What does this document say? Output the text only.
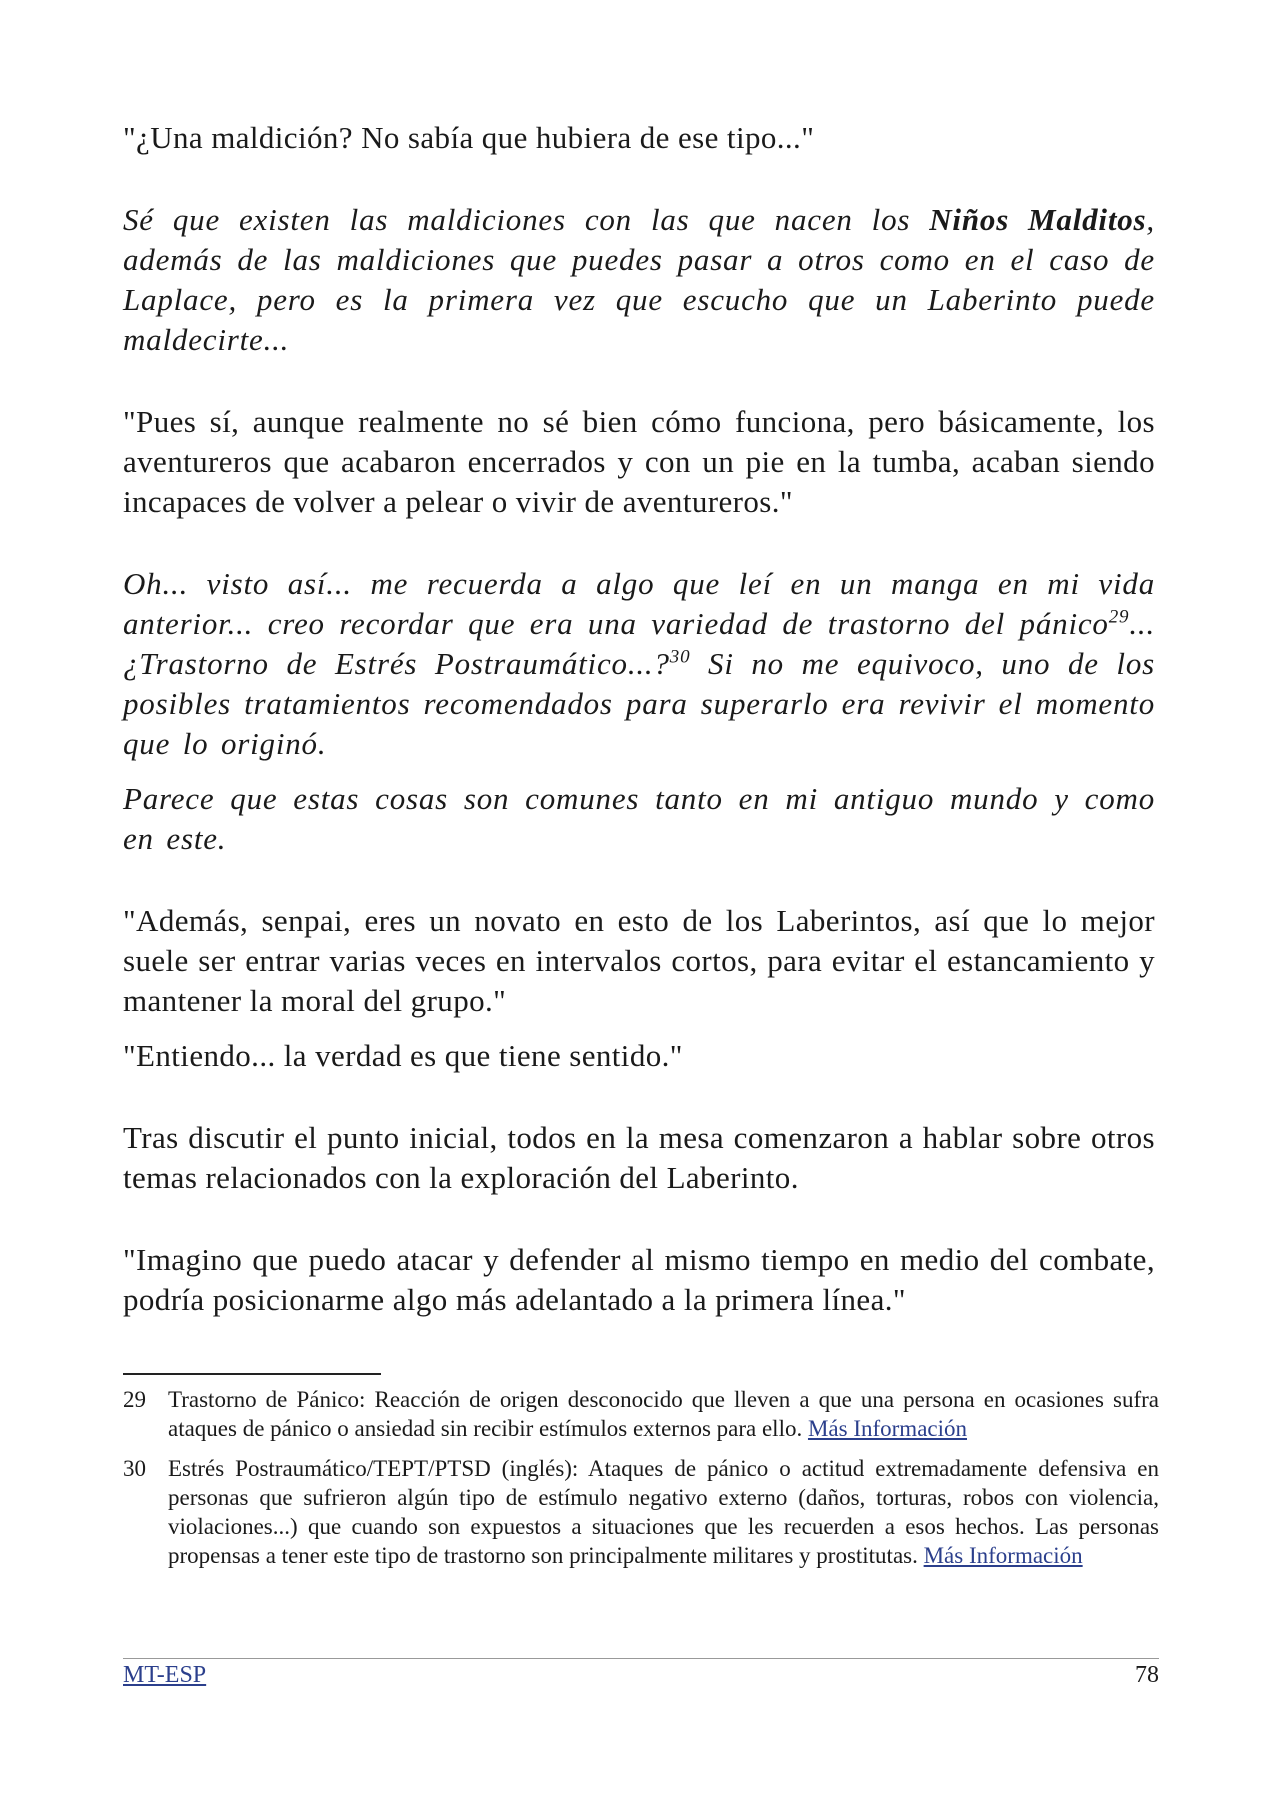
"¿Una maldición? No sabía que hubiera de ese tipo..."

Sé que existen las maldiciones con las que nacen los Niños Malditos, además de las maldiciones que puedes pasar a otros como en el caso de Laplace, pero es la primera vez que escucho que un Laberinto puede maldecirte...

"Pues sí, aunque realmente no sé bien cómo funciona, pero básicamente, los aventureros que acabaron encerrados y con un pie en la tumba, acaban siendo incapaces de volver a pelear o vivir de aventureros."

Oh... visto así... me recuerda a algo que leí en un manga en mi vida anterior... creo recordar que era una variedad de trastorno del pánico$^{29}$... ¿Trastorno de Estrés Postraumático...?$^{30}$ Si no me equivoco, uno de los posibles tratamientos recomendados para superarlo era revivir el momento que lo originó.

Parece que estas cosas son comunes tanto en mi antiguo mundo y como en este.

"Además, senpai, eres un novato en esto de los Laberintos, así que lo mejor suele ser entrar varias veces en intervalos cortos, para evitar el estancamiento y mantener la moral del grupo."

"Entiendo... la verdad es que tiene sentido."

Tras discutir el punto inicial, todos en la mesa comenzaron a hablar sobre otros temas relacionados con la exploración del Laberinto.

"Imagino que puedo atacar y defender al mismo tiempo en medio del combate, podría posicionarme algo más adelantado a la primera línea."

29 Trastorno de Pánico: Reacción de origen desconocido que lleven a que una persona en ocasiones sufra ataques de pánico o ansiedad sin recibir estímulos externos para ello. Más Información
30 Estrés Postraumático/TEPT/PTSD (inglés): Ataques de pánico o actitud extremadamente defensiva en personas que sufrieron algún tipo de estímulo negativo externo (daños, torturas, robos con violencia, violaciones...) que cuando son expuestos a situaciones que les recuerden a esos hechos. Las personas propensas a tener este tipo de trastorno son principalmente militares y prostitutas. Más Información
MT-ESP	78
